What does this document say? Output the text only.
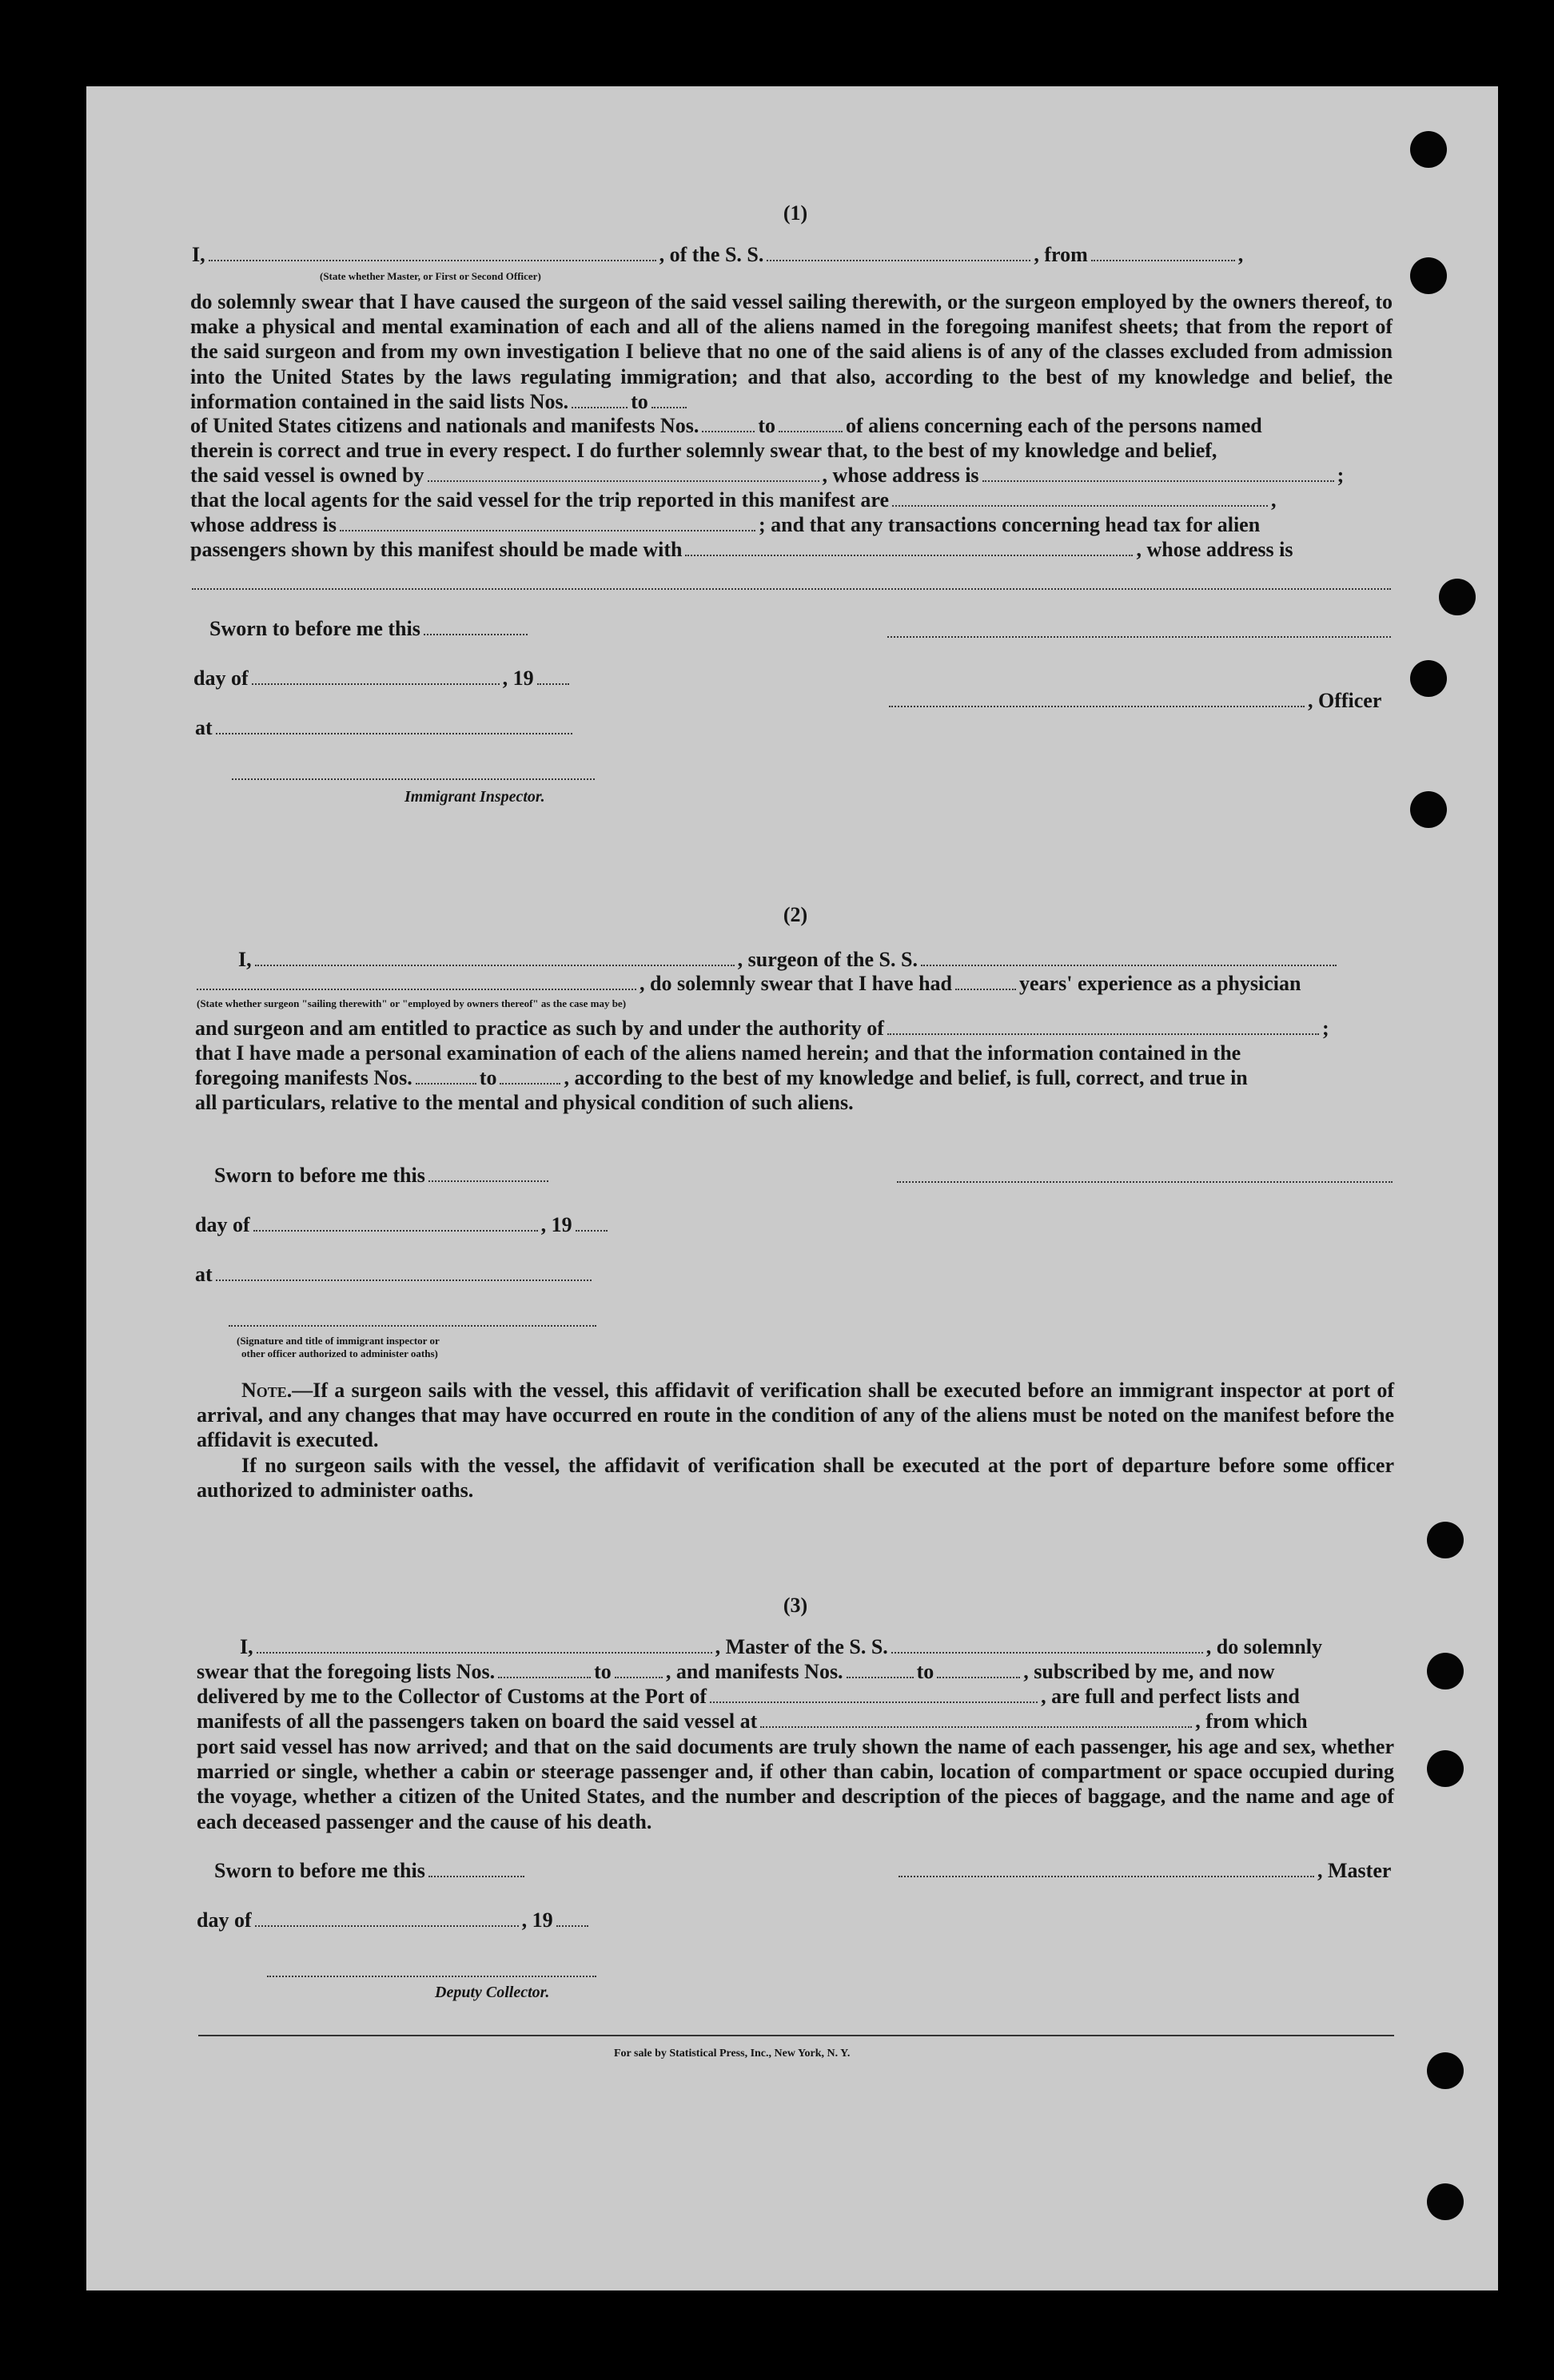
(1)
I,	, of the S. S.	, from	,
(State whether Master, or First or Second Officer)
do solemnly swear that I have caused the surgeon of the said vessel sailing therewith, or the surgeon employed by the owners thereof, to make a physical and mental examination of each and all of the aliens named in the foregoing manifest sheets; that from the report of the said surgeon and from my own investigation I believe that no one of the said aliens is of any of the classes excluded from admission into the United States by the laws regulating immigration; and that also, according to the best of my knowledge and belief, the information contained in the said lists Nos.	to
of United States citizens and nationals and manifests Nos.	to	of aliens concerning each of the persons named
therein is correct and true in every respect. I do further solemnly swear that, to the best of my knowledge and belief,
the said vessel is owned by	, whose address is	;
that the local agents for the said vessel for the trip reported in this manifest are	,
whose address is	; and that any transactions concerning head tax for alien
passengers shown by this manifest should be made with	, whose address is
Sworn to before me this
day of	, 19
, Officer
at
Immigrant Inspector.
(2)
I,	, surgeon of the S. S.
, do solemnly swear that I have had	years' experience as a physician
(State whether surgeon "sailing therewith" or "employed by owners thereof" as the case may be)
and surgeon and am entitled to practice as such by and under the authority of	;
that I have made a personal examination of each of the aliens named herein; and that the information contained in the
foregoing manifests Nos.	to	, according to the best of my knowledge and belief, is full, correct, and true in
all particulars, relative to the mental and physical condition of such aliens.
Sworn to before me this
day of	, 19
at
(Signature and title of immigrant inspector or
other officer authorized to administer oaths)
Note.—If a surgeon sails with the vessel, this affidavit of verification shall be executed before an immigrant inspector at port of arrival, and any changes that may have occurred en route in the condition of any of the aliens must be noted on the manifest before the affidavit is executed.
If no surgeon sails with the vessel, the affidavit of verification shall be executed at the port of departure before some officer authorized to administer oaths.
(3)
I,	, Master of the S. S.	, do solemnly
swear that the foregoing lists Nos.	to	, and manifests Nos.	to	, subscribed by me, and now
delivered by me to the Collector of Customs at the Port of	, are full and perfect lists and
manifests of all the passengers taken on board the said vessel at	, from which
port said vessel has now arrived; and that on the said documents are truly shown the name of each passenger, his age and sex, whether married or single, whether a cabin or steerage passenger and, if other than cabin, location of compartment or space occupied during the voyage, whether a citizen of the United States, and the number and description of the pieces of baggage, and the name and age of each deceased passenger and the cause of his death.
Sworn to before me this	, Master
day of	, 19
Deputy Collector.
For sale by Statistical Press, Inc., New York, N. Y.
